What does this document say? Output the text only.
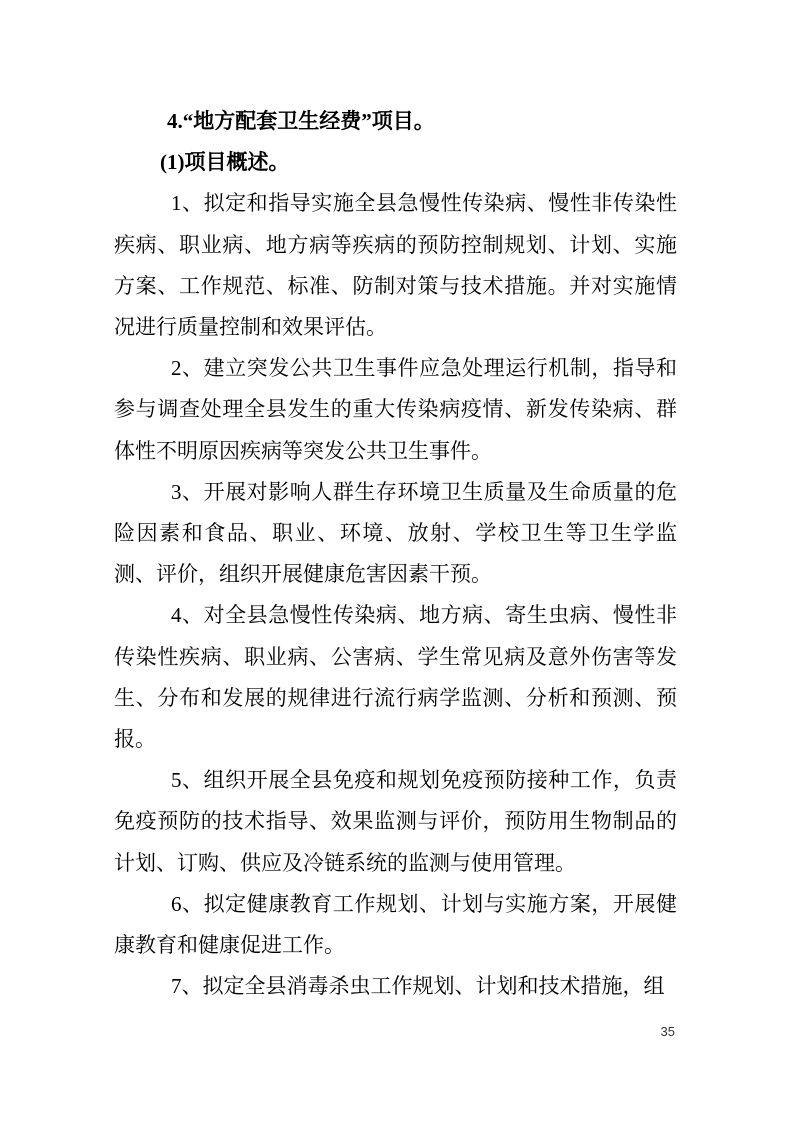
4.“地方配套卫生经费”项目。

(1)项目概述。

1、拟定和指导实施全县急慢性传染病、慢性非传染性疾病、职业病、地方病等疾病的预防控制规划、计划、实施方案、工作规范、标准、防制对策与技术措施。并对实施情况进行质量控制和效果评估。

2、建立突发公共卫生事件应急处理运行机制，指导和参与调查处理全县发生的重大传染病疫情、新发传染病、群体性不明原因疾病等突发公共卫生事件。

3、开展对影响人群生存环境卫生质量及生命质量的危险因素和食品、职业、环境、放射、学校卫生等卫生学监测、评价，组织开展健康危害因素干预。

4、对全县急慢性传染病、地方病、寄生虫病、慢性非传染性疾病、职业病、公害病、学生常见病及意外伤害等发生、分布和发展的规律进行流行病学监测、分析和预测、预报。

5、组织开展全县免疫和规划免疫预防接种工作，负责免疫预防的技术指导、效果监测与评价，预防用生物制品的计划、订购、供应及冷链系统的监测与使用管理。

6、拟定健康教育工作规划、计划与实施方案，开展健康教育和健康促进工作。

7、拟定全县消毒杀虫工作规划、计划和技术措施，组

35
